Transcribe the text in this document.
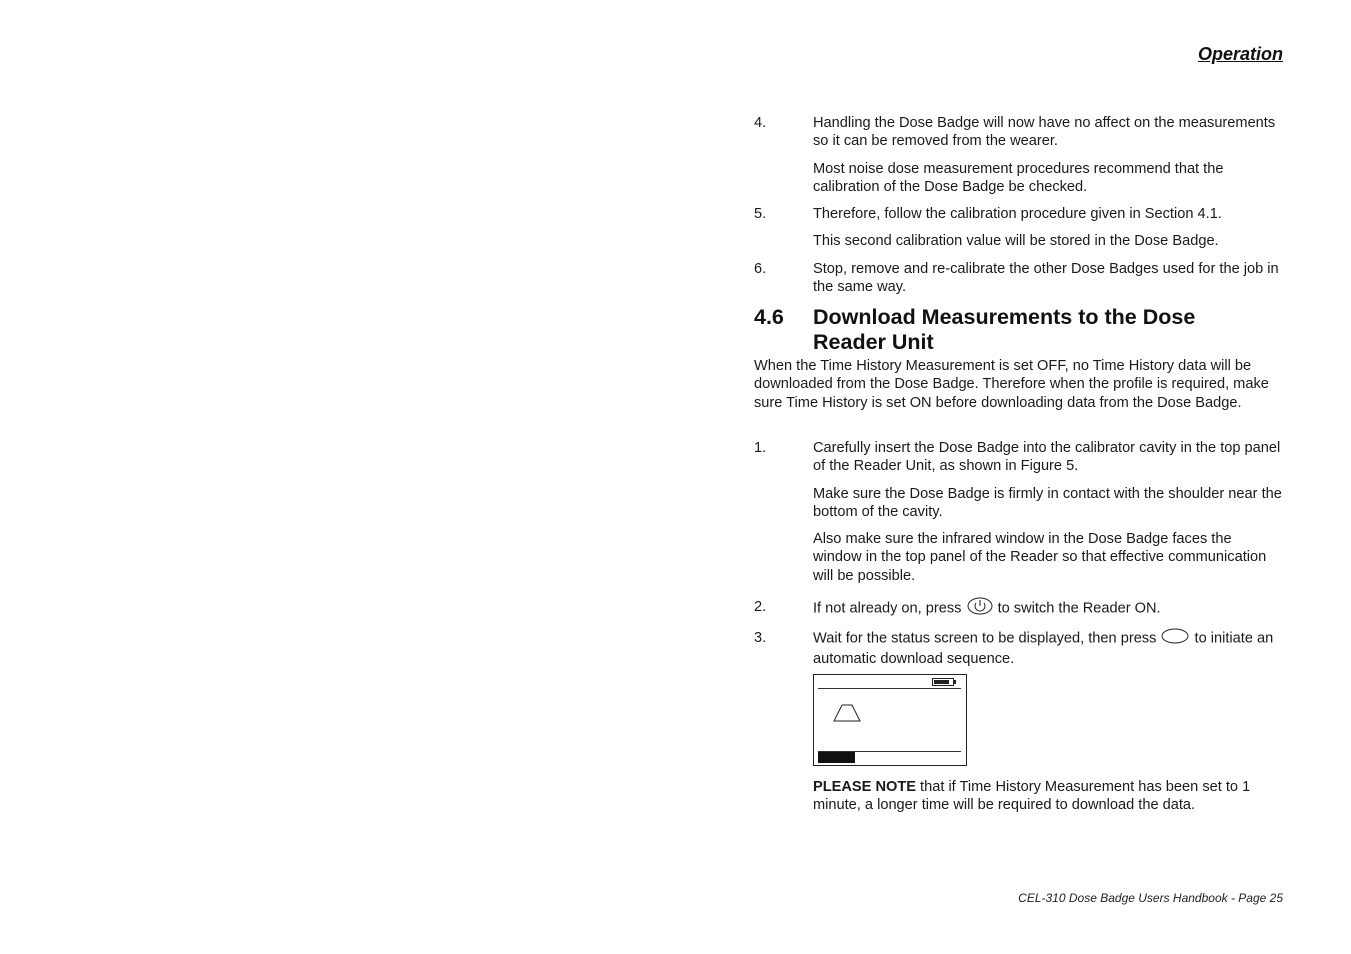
Operation
4.	Handling the Dose Badge will now have no affect on the measurements so it can be removed from the wearer.
Most noise dose measurement procedures recommend that the calibration of the Dose Badge be checked.
5.	Therefore, follow the calibration procedure given in Section 4.1.
This second calibration value will be stored in the Dose Badge.
6.	Stop, remove and re-calibrate the other Dose Badges used for the job in the same way.
4.6 Download Measurements to the Dose Reader Unit
When the Time History Measurement is set OFF, no Time History data will be downloaded from the Dose Badge. Therefore when the profile is required, make sure Time History is set ON before downloading data from the Dose Badge.
1.	Carefully insert the Dose Badge into the calibrator cavity in the top panel of the Reader Unit, as shown in Figure 5.
Make sure the Dose Badge is firmly in contact with the shoulder near the bottom of the cavity.
Also make sure the infrared window in the Dose Badge faces the window in the top panel of the Reader so that effective communication will be possible.
2.	If not already on, press to switch the Reader ON.
3.	Wait for the status screen to be displayed, then press	to initiate an automatic download sequence.
PLEASE NOTE that if Time History Measurement has been set to 1 minute, a longer time will be required to download the data.
CEL-310 Dose Badge Users Handbook - Page 25
